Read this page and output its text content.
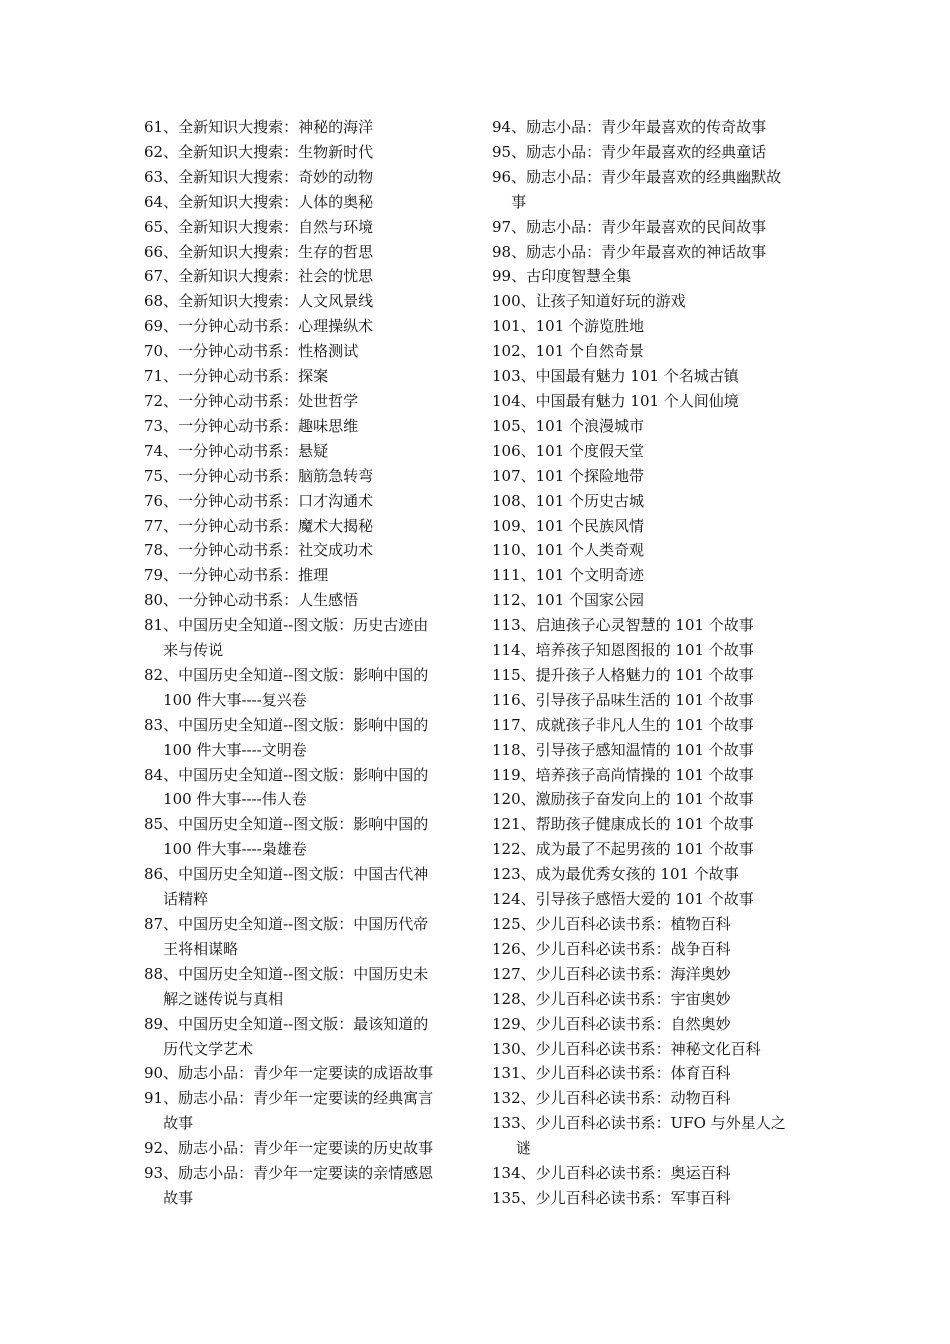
61、全新知识大搜索：神秘的海洋
62、全新知识大搜索：生物新时代
63、全新知识大搜索：奇妙的动物
64、全新知识大搜索：人体的奥秘
65、全新知识大搜索：自然与环境
66、全新知识大搜索：生存的哲思
67、全新知识大搜索：社会的忧思
68、全新知识大搜索：人文风景线
69、一分钟心动书系：心理操纵术
70、一分钟心动书系：性格测试
71、一分钟心动书系：探案
72、一分钟心动书系：处世哲学
73、一分钟心动书系：趣味思维
74、一分钟心动书系：悬疑
75、一分钟心动书系：脑筋急转弯
76、一分钟心动书系：口才沟通术
77、一分钟心动书系：魔术大揭秘
78、一分钟心动书系：社交成功术
79、一分钟心动书系：推理
80、一分钟心动书系：人生感悟
81、中国历史全知道--图文版：历史古迹由
来与传说
82、中国历史全知道--图文版：影响中国的
100 件大事----复兴卷
83、中国历史全知道--图文版：影响中国的
100 件大事----文明卷
84、中国历史全知道--图文版：影响中国的
100 件大事----伟人卷
85、中国历史全知道--图文版：影响中国的
100 件大事----枭雄卷
86、中国历史全知道--图文版：中国古代神
话精粹
87、中国历史全知道--图文版：中国历代帝
王将相谋略
88、中国历史全知道--图文版：中国历史未
解之谜传说与真相
89、中国历史全知道--图文版：最该知道的
历代文学艺术
90、励志小品：青少年一定要读的成语故事
91、励志小品：青少年一定要读的经典寓言
故事
92、励志小品：青少年一定要读的历史故事
93、励志小品：青少年一定要读的亲情感恩
故事
94、励志小品：青少年最喜欢的传奇故事
95、励志小品：青少年最喜欢的经典童话
96、励志小品：青少年最喜欢的经典幽默故
事
97、励志小品：青少年最喜欢的民间故事
98、励志小品：青少年最喜欢的神话故事
99、古印度智慧全集
100、让孩子知道好玩的游戏
101、101 个游览胜地
102、101 个自然奇景
103、中国最有魅力 101 个名城古镇
104、中国最有魅力 101 个人间仙境
105、101 个浪漫城市
106、101 个度假天堂
107、101 个探险地带
108、101 个历史古城
109、101 个民族风情
110、101 个人类奇观
111、101 个文明奇迹
112、101 个国家公园
113、启迪孩子心灵智慧的 101 个故事
114、培养孩子知恩图报的 101 个故事
115、提升孩子人格魅力的 101 个故事
116、引导孩子品味生活的 101 个故事
117、成就孩子非凡人生的 101 个故事
118、引导孩子感知温情的 101 个故事
119、培养孩子高尚情操的 101 个故事
120、激励孩子奋发向上的 101 个故事
121、帮助孩子健康成长的 101 个故事
122、成为最了不起男孩的 101 个故事
123、成为最优秀女孩的 101 个故事
124、引导孩子感悟大爱的 101 个故事
125、少儿百科必读书系：植物百科
126、少儿百科必读书系：战争百科
127、少儿百科必读书系：海洋奥妙
128、少儿百科必读书系：宇宙奥妙
129、少儿百科必读书系：自然奥妙
130、少儿百科必读书系：神秘文化百科
131、少儿百科必读书系：体育百科
132、少儿百科必读书系：动物百科
133、少儿百科必读书系：UFO 与外星人之
谜
134、少儿百科必读书系：奥运百科
135、少儿百科必读书系：军事百科
